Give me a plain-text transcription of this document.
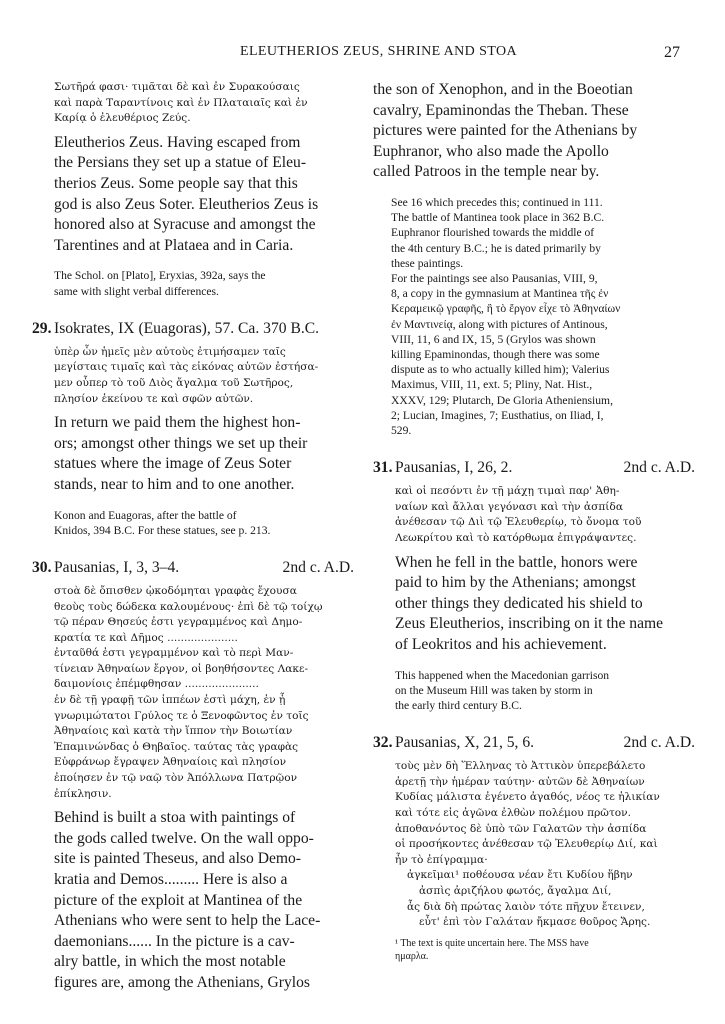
ELEUTHERIOS ZEUS, SHRINE AND STOA	27
Σωτῆρά φασι· τιμᾶται δὲ καὶ ἐν Συρακούσαις
καὶ παρὰ Ταραντίνοις καὶ ἐν Πλαταιαῖς καὶ ἐν
Καρίᾳ ὁ ἐλευθέριος Ζεύς.
Eleutherios Zeus. Having escaped from
the Persians they set up a statue of Eleu-
therios Zeus. Some people say that this
god is also Zeus Soter. Eleutherios Zeus is
honored also at Syracuse and amongst the
Tarentines and at Plataea and in Caria.
The Schol. on [Plato], Eryxias, 392a, says the
same with slight verbal differences.
29. Isokrates, IX (Euagoras), 57. Ca. 370 B.C.
ὑπὲρ ὧν ἡμεῖς μὲν αὐτοὺς ἐτιμήσαμεν ταῖς
μεγίσταις τιμαῖς καὶ τὰς εἰκόνας αὐτῶν ἐστήσα-
μεν οὗπερ τὸ τοῦ Διὸς ἄγαλμα τοῦ Σωτῆρος,
πλησίον ἐκείνου τε καὶ σφῶν αὐτῶν.
In return we paid them the highest hon-
ors; amongst other things we set up their
statues where the image of Zeus Soter
stands, near to him and to one another.
Konon and Euagoras, after the battle of
Knidos, 394 B.C. For these statues, see p. 213.
30. Pausanias, I, 3, 3–4.	2nd c. A.D.
στοὰ δὲ ὄπισθεν ᾠκοδόμηται γραφὰς ἔχουσα
θεοὺς τοὺς δώδεκα καλουμένους· ἐπὶ δὲ τῷ τοίχῳ
τῷ πέραν Θησεύς ἐστι γεγραμμένος καὶ Δημο-
κρατία τε καὶ Δῆμος .....................
ἐνταῦθά ἐστι γεγραμμένον καὶ τὸ περὶ Μαν-
τίνειαν Ἀθηναίων ἔργον, οἱ βοηθήσοντες Λακε-
δαιμονίοις ἐπέμφθησαν ......................
ἐν δὲ τῇ γραφῇ τῶν ἱππέων ἐστὶ μάχη, ἐν ᾗ
γνωριμώτατοι Γρύλος τε ὁ Ξενοφῶντος ἐν τοῖς
Ἀθηναίοις καὶ κατὰ τὴν ἵππον τὴν Βοιωτίαν
Ἐπαμινώνδας ὁ Θηβαῖος. ταύτας τὰς γραφὰς
Εὐφράνωρ ἔγραψεν Ἀθηναίοις καὶ πλησίον
ἐποίησεν ἐν τῷ ναῷ τὸν Ἀπόλλωνα Πατρῷον
ἐπίκλησιν.
Behind is built a stoa with paintings of
the gods called twelve. On the wall oppo-
site is painted Theseus, and also Demo-
kratia and Demos......... Here is also a
picture of the exploit at Mantinea of the
Athenians who were sent to help the Lace-
daemonians...... In the picture is a cav-
alry battle, in which the most notable
figures are, among the Athenians, Grylos
the son of Xenophon, and in the Boeotian
cavalry, Epaminondas the Theban. These
pictures were painted for the Athenians by
Euphranor, who also made the Apollo
called Patroos in the temple near by.
See 16 which precedes this; continued in 111.
The battle of Mantinea took place in 362 B.C.
Euphranor flourished towards the middle of
the 4th century B.C.; he is dated primarily by
these paintings.
For the paintings see also Pausanias, VIII, 9,
8, a copy in the gymnasium at Mantinea τῆς ἐν
Κεραμεικῷ γραφῆς, ἣ τὸ ἔργον εἶχε τὸ Ἀθηναίων
ἐν Μαντινείᾳ, along with pictures of Antinous,
VIII, 11, 6 and IX, 15, 5 (Grylos was shown
killing Epaminondas, though there was some
dispute as to who actually killed him); Valerius
Maximus, VIII, 11, ext. 5; Pliny, Nat. Hist.,
XXXV, 129; Plutarch, De Gloria Atheniensium,
2; Lucian, Imagines, 7; Eusthatius, on Iliad, I,
529.
31. Pausanias, I, 26, 2.	2nd c. A.D.
καὶ οἱ πεσόντι ἐν τῇ μάχῃ τιμαὶ παρ' Ἀθη-
ναίων καὶ ἄλλαι γεγόνασι καὶ τὴν ἀσπίδα
ἀνέθεσαν τῷ Διὶ τῷ Ἐλευθερίῳ, τὸ ὄνομα τοῦ
Λεωκρίτου καὶ τὸ κατόρθωμα ἐπιγράψαντες.
When he fell in the battle, honors were
paid to him by the Athenians; amongst
other things they dedicated his shield to
Zeus Eleutherios, inscribing on it the name
of Leokritos and his achievement.
This happened when the Macedonian garrison
on the Museum Hill was taken by storm in
the early third century B.C.
32. Pausanias, X, 21, 5, 6.	2nd c. A.D.
τοὺς μὲν δὴ Ἕλληνας τὸ Ἀττικὸν ὑπερεβάλετο
ἀρετῇ τὴν ἡμέραν ταύτην· αὐτῶν δὲ Ἀθηναίων
Κυδίας μάλιστα ἐγένετο ἀγαθός, νέος τε ἡλικίαν
καὶ τότε εἰς ἀγῶνα ἐλθὼν πολέμου πρῶτον.
ἀποθανόντος δὲ ὑπὸ τῶν Γαλατῶν τὴν ἀσπίδα
οἱ προσήκοντες ἀνέθεσαν τῷ Ἐλευθερίῳ Διί, καὶ
ἦν τὸ ἐπίγραμμα·
ἀγκεῖμαι¹ ποθέουσα νέαν ἔτι Κυδίου ἥβην
ἀσπὶς ἀριζήλου φωτός, ἄγαλμα Διί,
ἇς διὰ δὴ πρώτας λαιὸν τότε πῆχυν ἔτεινεν,
εὖτ' ἐπὶ τὸν Γαλάταν ἤκμασε θοῦρος Ἄρης.
¹ The text is quite uncertain here. The MSS have
ημαρλα.
